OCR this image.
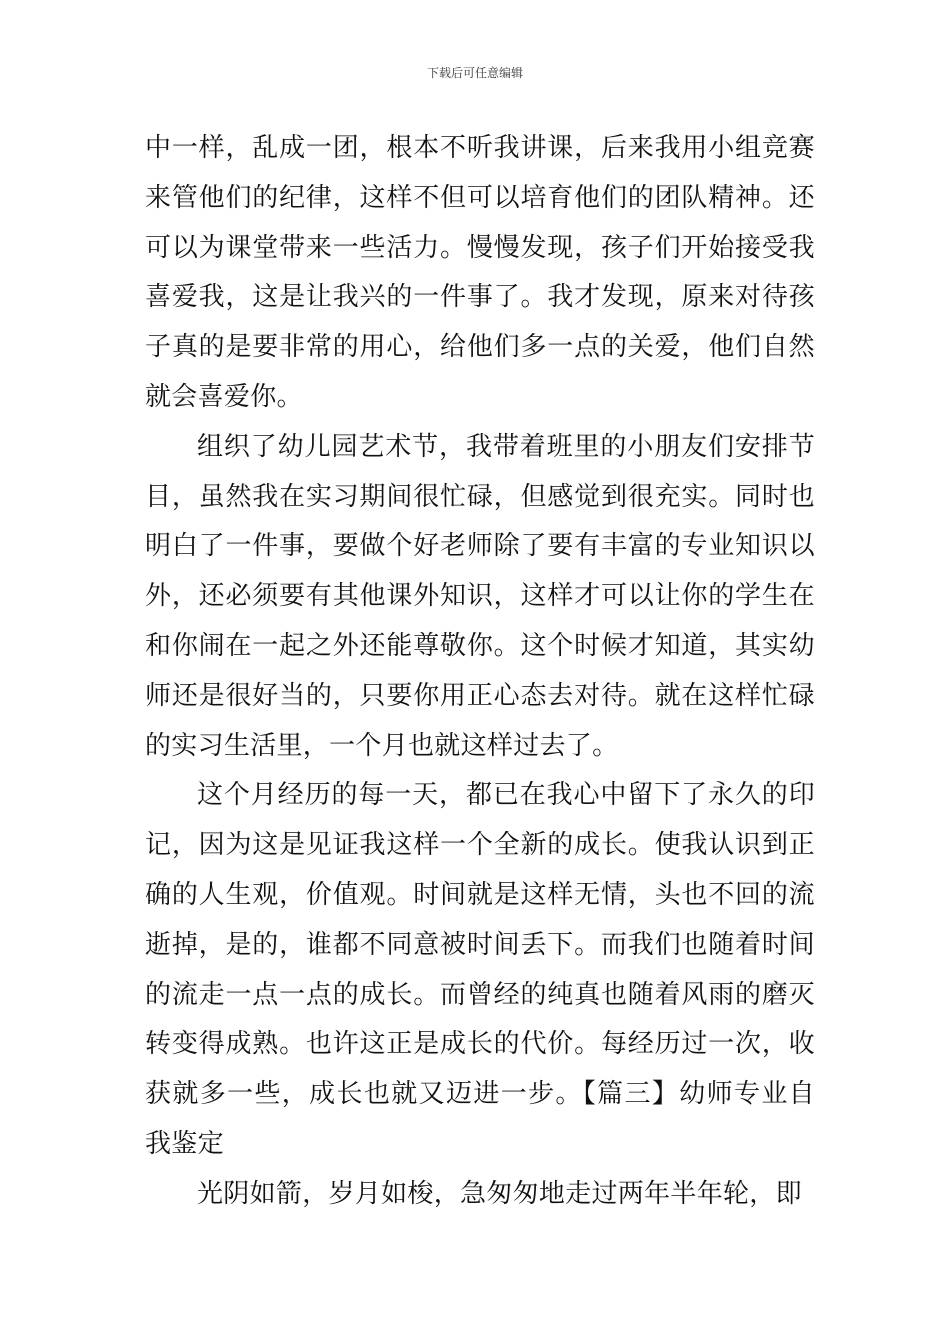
下载后可任意编辑

中一样，乱成一团，根本不听我讲课，后来我用小组竞赛来管他们的纪律，这样不但可以培育他们的团队精神。还可以为课堂带来一些活力。慢慢发现，孩子们开始接受我喜爱我，这是让我兴的一件事了。我才发现，原来对待孩子真的是要非常的用心，给他们多一点的关爱，他们自然就会喜爱你。

组织了幼儿园艺术节，我带着班里的小朋友们安排节目，虽然我在实习期间很忙碌，但感觉到很充实。同时也明白了一件事，要做个好老师除了要有丰富的专业知识以外，还必须要有其他课外知识，这样才可以让你的学生在和你闹在一起之外还能尊敬你。这个时候才知道，其实幼师还是很好当的，只要你用正心态去对待。就在这样忙碌的实习生活里，一个月也就这样过去了。

这个月经历的每一天，都已在我心中留下了永久的印记，因为这是见证我这样一个全新的成长。使我认识到正确的人生观，价值观。时间就是这样无情，头也不回的流逝掉，是的，谁都不同意被时间丢下。而我们也随着时间的流走一点一点的成长。而曾经的纯真也随着风雨的磨灭转变得成熟。也许这正是成长的代价。每经历过一次，收获就多一些，成长也就又迈进一步。【篇三】幼师专业自我鉴定

光阴如箭，岁月如梭，急匆匆地走过两年半年轮，即
